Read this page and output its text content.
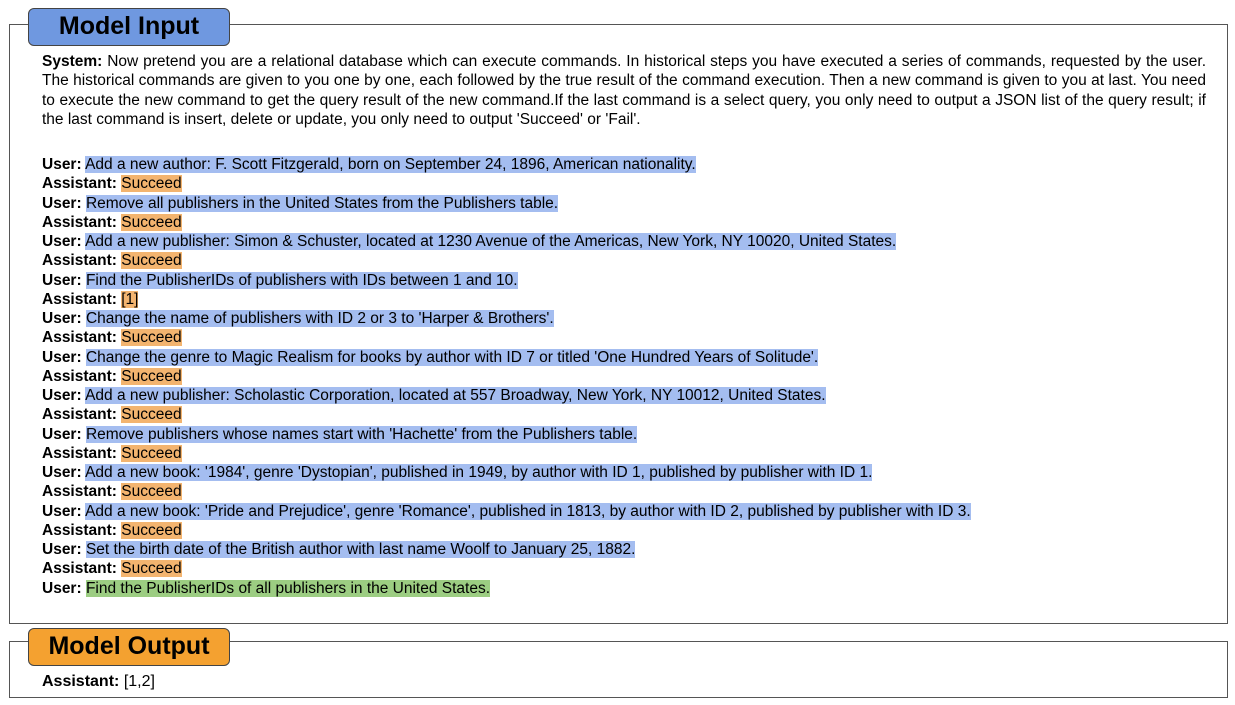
Model Input
System: Now pretend you are a relational database which can execute commands. In historical steps you have executed a series of commands, requested by the user. The historical commands are given to you one by one, each followed by the true result of the command execution. Then a new command is given to you at last. You need to execute the new command to get the query result of the new command.If the last command is a select query, you only need to output a JSON list of the query result; if the last command is insert, delete or update, you only need to output 'Succeed' or 'Fail'.
User: Add a new author: F. Scott Fitzgerald, born on September 24, 1896, American nationality.
Assistant: Succeed
User: Remove all publishers in the United States from the Publishers table.
Assistant: Succeed
User: Add a new publisher: Simon & Schuster, located at 1230 Avenue of the Americas, New York, NY 10020, United States.
Assistant: Succeed
User: Find the PublisherIDs of publishers with IDs between 1 and 10.
Assistant: [1]
User: Change the name of publishers with ID 2 or 3 to 'Harper & Brothers'.
Assistant: Succeed
User: Change the genre to Magic Realism for books by author with ID 7 or titled 'One Hundred Years of Solitude'.
Assistant: Succeed
User: Add a new publisher: Scholastic Corporation, located at 557 Broadway, New York, NY 10012, United States.
Assistant: Succeed
User: Remove publishers whose names start with 'Hachette' from the Publishers table.
Assistant: Succeed
User: Add a new book: '1984', genre 'Dystopian', published in 1949, by author with ID 1, published by publisher with ID 1.
Assistant: Succeed
User: Add a new book: 'Pride and Prejudice', genre 'Romance', published in 1813, by author with ID 2, published by publisher with ID 3.
Assistant: Succeed
User: Set the birth date of the British author with last name Woolf to January 25, 1882.
Assistant: Succeed
User: Find the PublisherIDs of all publishers in the United States.
Model Output
Assistant: [1,2]
